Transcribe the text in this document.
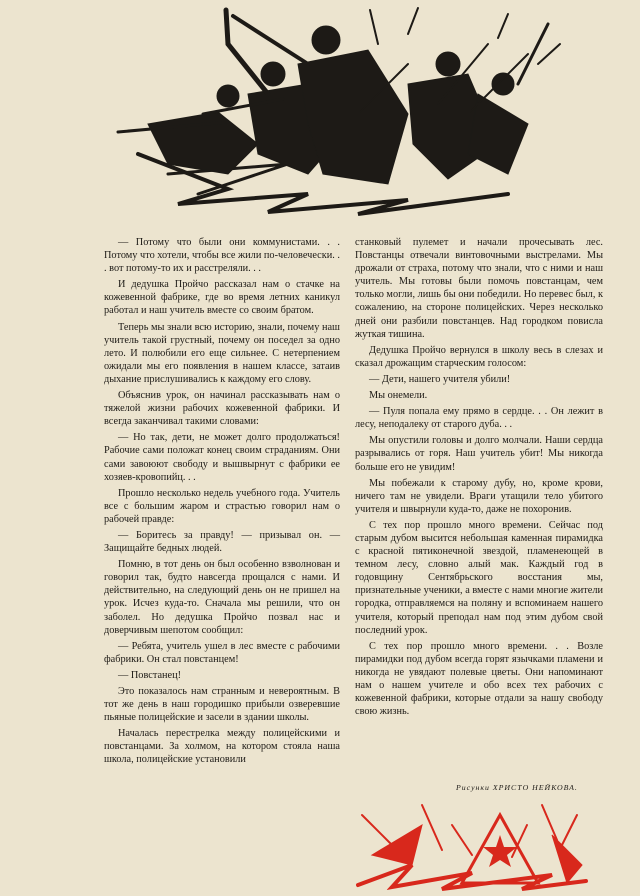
— Потому что были они коммунистами. . . Потому что хотели, чтобы все жили по-человечески. . . вот потому-то их и расстреляли. . .

И дедушка Пройчо рассказал нам о стачке на кожевенной фабрике, где во время летних каникул работал и наш учитель вместе со своим братом.

Теперь мы знали всю историю, знали, почему наш учитель такой грустный, почему он поседел за одно лето. И полюбили его еще сильнее. С нетерпением ожидали мы его появления в нашем классе, затаив дыхание прислушивались к каждому его слову.

Объяснив урок, он начинал рассказывать нам о тяжелой жизни рабочих кожевенной фабрики. И всегда заканчивал такими словами:

— Но так, дети, не может долго продолжаться! Рабочие сами положат конец своим страданиям. Они сами завоюют свободу и вышвырнут с фабрики ее хозяев-кровопийц. . .

Прошло несколько недель учебного года. Учитель все с большим жаром и страстью говорил нам о рабочей правде:

— Боритесь за правду! — призывал он. — Защищайте бедных людей.

Помню, в тот день он был особенно взволнован и говорил так, будто навсегда прощался с нами. И действительно, на следующий день он не пришел на урок. Исчез куда-то. Сначала мы решили, что он заболел. Но дедушка Пройчо позвал нас и доверчивым шепотом сообщил:

— Ребята, учитель ушел в лес вместе с рабочими фабрики. Он стал повстанцем!

— Повстанец!

Это показалось нам странным и невероятным. В тот же день в наш городишко прибыли озверевшие пьяные полицейские и засели в здании школы.

Началась перестрелка между полицейскими и повстанцами. За холмом, на котором стояла наша школа, полицейские установили

станковый пулемет и начали прочесывать лес. Повстанцы отвечали винтовочными выстрелами. Мы дрожали от страха, потому что знали, что с ними и наш учитель. Мы готовы были помочь повстанцам, чем только могли, лишь бы они победили. Но перевес был, к сожалению, на стороне полицейских. Через несколько дней они разбили повстанцев. Над городком повисла жуткая тишина.

Дедушка Пройчо вернулся в школу весь в слезах и сказал дрожащим старческим голосом:

— Дети, нашего учителя убили!

Мы онемели.

— Пуля попала ему прямо в сердце. . . Он лежит в лесу, неподалеку от старого дуба. . .

Мы опустили головы и долго молчали. Наши сердца разрывались от горя. Наш учитель убит! Мы никогда больше его не увидим!

Мы побежали к старому дубу, но, кроме крови, ничего там не увидели. Враги утащили тело убитого учителя и швырнули куда-то, даже не похоронив.

С тех пор прошло много времени. Сейчас под старым дубом высится небольшая каменная пирамидка с красной пятиконечной звездой, пламенеющей в темном лесу, словно алый мак. Каждый год в годовщину Сентябрьского восстания мы, признательные ученики, а вместе с нами многие жители городка, отправляемся на поляну и вспоминаем нашего учителя, который преподал нам под этим дубом свой последний урок.

С тех пор прошло много времени. . . Возле пирамидки под дубом всегда горят язычками пламени и никогда не увядают полевые цветы. Они напоминают нам о нашем учителе и обо всех тех рабочих с кожевенной фабрики, которые отдали за нашу свободу свою жизнь.

Рисунки ХРИСТО НЕЙКОВА.
